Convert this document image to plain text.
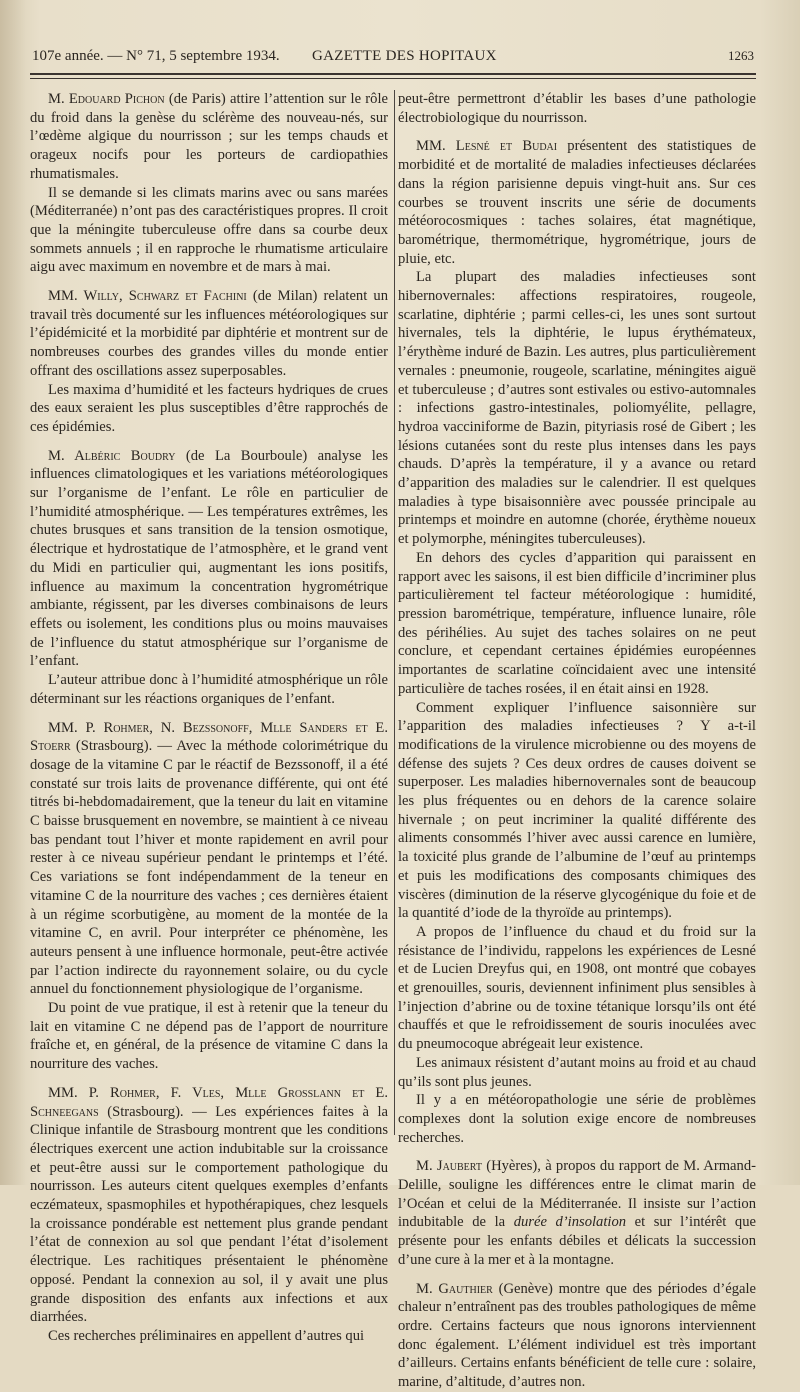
107e année. — N° 71, 5 septembre 1934. GAZETTE DES HOPITAUX	1263

M. Edouard Pichon (de Paris) attire l’attention sur le rôle du froid dans la genèse du sclérème des nouveau-nés, sur l’œdème algique du nourrisson ; sur les temps chauds et orageux nocifs pour les porteurs de cardiopathies rhumatismales.

Il se demande si les climats marins avec ou sans marées (Méditerranée) n’ont pas des caractéristiques propres. Il croit que la méningite tuberculeuse offre dans sa courbe deux sommets annuels ; il en rapproche le rhumatisme articulaire aigu avec maximum en novembre et de mars à mai.

MM. Willy, Schwarz et Fachini (de Milan) relatent un travail très documenté sur les influences météorologiques sur l’épidémicité et la morbidité par diphtérie et montrent sur de nombreuses courbes des grandes villes du monde entier offrant des oscillations assez superposables.

Les maxima d’humidité et les facteurs hydriques de crues des eaux seraient les plus susceptibles d’être rapprochés de ces épidémies.

M. Albéric Boudry (de La Bourboule) analyse les influences climatologiques et les variations météorologiques sur l’organisme de l’enfant. Le rôle en particulier de l’humidité atmosphérique. — Les températures extrêmes, les chutes brusques et sans transition de la tension osmotique, électrique et hydrostatique de l’atmosphère, et le grand vent du Midi en particulier qui, augmentant les ions positifs, influence au maximum la concentration hygrométrique ambiante, régissent, par les diverses combinaisons de leurs effets ou isolement, les conditions plus ou moins mauvaises de l’influence du statut atmosphérique sur l’organisme de l’enfant.

L’auteur attribue donc à l’humidité atmosphérique un rôle déterminant sur les réactions organiques de l’enfant.

MM. P. Rohmer, N. Bezssonoff, Mlle Sanders et E. Stoerr (Strasbourg). — Avec la méthode colorimétrique du dosage de la vitamine C par le réactif de Bezssonoff, il a été constaté sur trois laits de provenance différente, qui ont été titrés bi-hebdomadairement, que la teneur du lait en vitamine C baisse brusquement en novembre, se maintient à ce niveau bas pendant tout l’hiver et monte rapidement en avril pour rester à ce niveau supérieur pendant le printemps et l’été. Ces variations se font indépendamment de la teneur en vitamine C de la nourriture des vaches ; ces dernières étaient à un régime scorbutigène, au moment de la montée de la vitamine C, en avril. Pour interpréter ce phénomène, les auteurs pensent à une influence hormonale, peut-être activée par l’action indirecte du rayonnement solaire, ou du cycle annuel du fonctionnement physiologique de l’organisme.

Du point de vue pratique, il est à retenir que la teneur du lait en vitamine C ne dépend pas de l’apport de nourriture fraîche et, en général, de la présence de vitamine C dans la nourriture des vaches.

MM. P. Rohmer, F. Vles, Mlle Grosslann et E. Schneegans (Strasbourg). — Les expériences faites à la Clinique infantile de Strasbourg montrent que les conditions électriques exercent une action indubitable sur la croissance et peut-être aussi sur le comportement pathologique du nourrisson. Les auteurs citent quelques exemples d’enfants eczémateux, spasmophiles et hypothérapiques, chez lesquels la croissance pondérable est nettement plus grande pendant l’état de connexion au sol que pendant l’état d’isolement électrique. Les rachitiques présentaient le phénomène opposé. Pendant la connexion au sol, il y avait une plus grande disposition des enfants aux infections et aux diarrhées.

Ces recherches préliminaires en appellent d’autres qui

peut-être permettront d’établir les bases d’une pathologie électrobiologique du nourrisson.

MM. Lesné et Budai présentent des statistiques de morbidité et de mortalité de maladies infectieuses déclarées dans la région parisienne depuis vingt-huit ans. Sur ces courbes se trouvent inscrits une série de documents météorocosmiques : taches solaires, état magnétique, barométrique, thermométrique, hygrométrique, jours de pluie, etc.

La plupart des maladies infectieuses sont hibernovernales: affections respiratoires, rougeole, scarlatine, diphtérie ; parmi celles-ci, les unes sont surtout hivernales, tels la diphtérie, le lupus érythémateux, l’érythème induré de Bazin. Les autres, plus particulièrement vernales : pneumonie, rougeole, scarlatine, méningites aiguë et tuberculeuse ; d’autres sont estivales ou estivo-automnales : infections gastro-intestinales, poliomyélite, pellagre, hydroa vacciniforme de Bazin, pityriasis rosé de Gibert ; les lésions cutanées sont du reste plus intenses dans les pays chauds. D’après la température, il y a avance ou retard d’apparition des maladies sur le calendrier. Il est quelques maladies à type bisaisonnière avec poussée principale au printemps et moindre en automne (chorée, érythème noueux et polymorphe, méningites tuberculeuses).

En dehors des cycles d’apparition qui paraissent en rapport avec les saisons, il est bien difficile d’incriminer plus particulièrement tel facteur météorologique : humidité, pression barométrique, température, influence lunaire, rôle des périhélies. Au sujet des taches solaires on ne peut conclure, et cependant certaines épidémies européennes importantes de scarlatine coïncidaient avec une intensité particulière de taches rosées, il en était ainsi en 1928.

Comment expliquer l’influence saisonnière sur l’apparition des maladies infectieuses ? Y a-t-il modifications de la virulence microbienne ou des moyens de défense des sujets ? Ces deux ordres de causes doivent se superposer. Les maladies hibernovernales sont de beaucoup les plus fréquentes ou en dehors de la carence solaire hivernale ; on peut incriminer la qualité différente des aliments consommés l’hiver avec aussi carence en lumière, la toxicité plus grande de l’albumine de l’œuf au printemps et puis les modifications des composants chimiques des viscères (diminution de la réserve glycogénique du foie et de la quantité d’iode de la thyroïde au printemps).

A propos de l’influence du chaud et du froid sur la résistance de l’individu, rappelons les expériences de Lesné et de Lucien Dreyfus qui, en 1908, ont montré que cobayes et grenouilles, souris, deviennent infiniment plus sensibles à l’injection d’abrine ou de toxine tétanique lorsqu’ils ont été chauffés et que le refroidissement de souris inoculées avec du pneumocoque abrégeait leur existence.

Les animaux résistent d’autant moins au froid et au chaud qu’ils sont plus jeunes.

Il y a en météoropathologie une série de problèmes complexes dont la solution exige encore de nombreuses recherches.

M. Jaubert (Hyères), à propos du rapport de M. Armand-Delille, souligne les différences entre le climat marin de l’Océan et celui de la Méditerranée. Il insiste sur l’action indubitable de la durée d’insolation et sur l’intérêt que présente pour les enfants débiles et délicats la succession d’une cure à la mer et à la montagne.

M. Gauthier (Genève) montre que des périodes d’égale chaleur n’entraînent pas des troubles pathologiques de même ordre. Certains facteurs que nous ignorons interviennent donc également. L’élément individuel est très important d’ailleurs. Certains enfants bénéficient de telle cure : solaire, marine, d’altitude, d’autres non.
